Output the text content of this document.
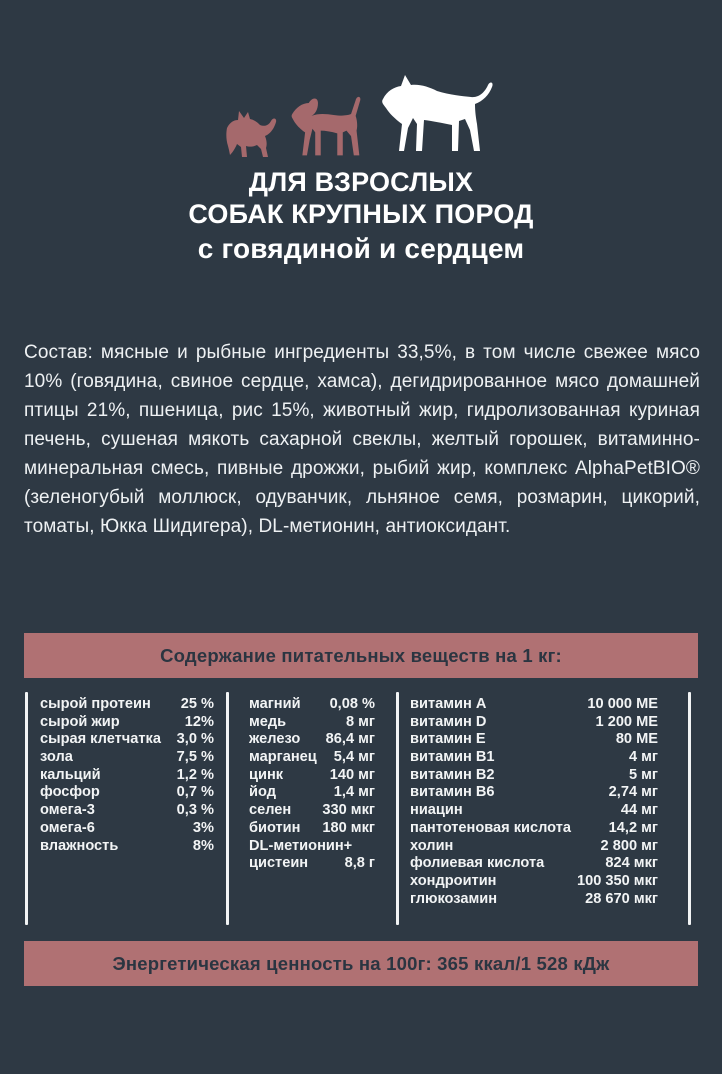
ДЛЯ ВЗРОСЛЫХ
СОБАК КРУПНЫХ ПОРОД
с говядиной и сердцем
Состав: мясные и рыбные ингредиенты 33,5%, в том числе свежее мясо 10% (говядина, свиное сердце, хамса), дегидрированное мясо домашней птицы 21%, пшеница, рис 15%, животный жир, гидролизованная куриная печень, сушеная мякоть сахарной свеклы, желтый горошек, витаминно-минеральная смесь, пивные дрожжи, рыбий жир, комплекс AlphaPetBIO® (зеленогубый моллюск, одуванчик, льняное семя, розмарин, цикорий, томаты, Юкка Шидигера), DL-метионин, антиоксидант.
Содержание питательных веществ на 1 кг:
сырой протеин 25 %
сырой жир	12%
сырая клетчатка 3,0 %
зола	7,5 %
кальций	1,2 %
фосфор	0,7 %
омега-3	0,3 %
омега-6	3%
влажность	8%
магний 0,08 %
медь	8 мг
железо 86,4 мг
марганец 5,4 мг
цинк	140 мг
йод	1,4 мг
селен 330 мкг
биотин 180 мкг
DL-метионин+
цистеин 8,8 г
витамин A	10 000 МЕ
витамин D	1 200 МЕ
витамин E	80 МЕ
витамин B1	4 мг
витамин B2	5 мг
витамин B6	2,74 мг
ниацин	44 мг
пантотеновая кислота	14,2 мг
холин	2 800 мг
фолиевая кислота	824 мкг
хондроитин	100 350 мкг
глюкозамин	28 670 мкг
Энергетическая ценность на 100г: 365 ккал/1 528 кДж
